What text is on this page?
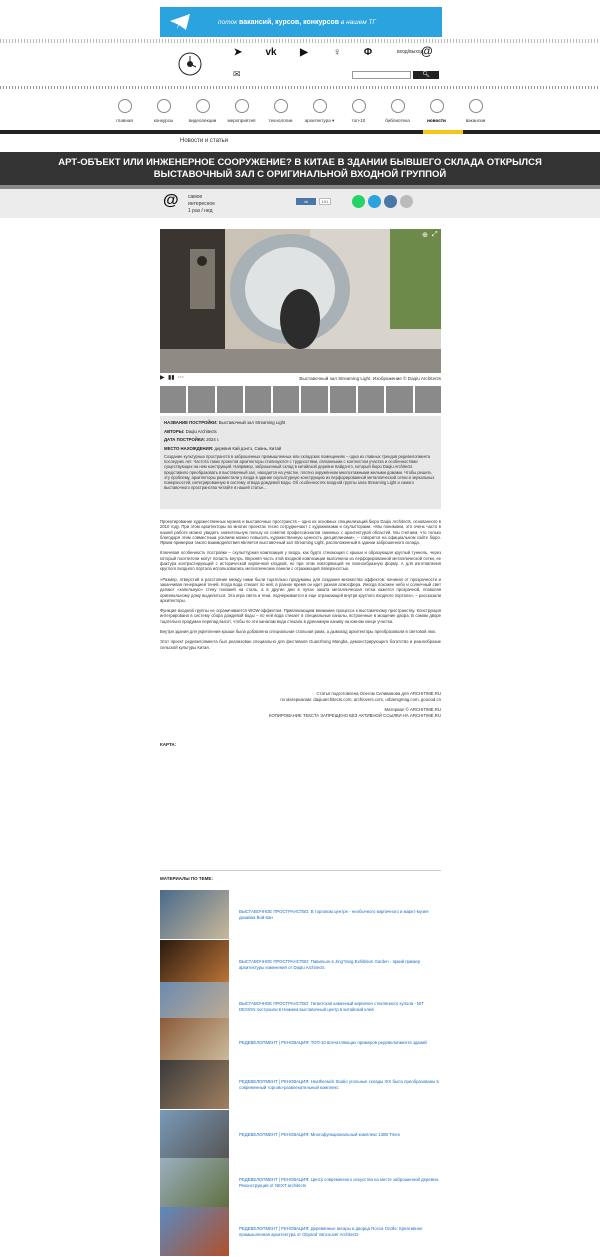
поток вакансий, курсов, конкурсов в нашем TГ
➤ vk ▶	♀ Φ	вход/выход
@
✉	🔍︎
главная	конкурсы	видеолекции	мероприятия	технологии	архитектура ▾	топ-10	библиотека	новости	вакансии
Новости и статьи
АРТ-ОБЪЕКТ ИЛИ ИНЖЕНЕРНОЕ СООРУЖЕНИЕ? В КИТАЕ В ЗДАНИИ БЫВШЕГО СКЛАДА ОТКРЫЛСЯ ВЫСТАВОЧНЫЙ ЗАЛ С ОРИГИНАЛЬНОЙ ВХОДНОЙ ГРУППОЙ
@ самое
интересное
1 раз / нед
vk	101
⊕ ⤢
▶ ▮▮ ⋯	Выставочный зал Streaming Light. Изображение © Daqiu Architects

НАЗВАНИЕ ПОСТРОЙКИ: Выставочный зал Streaming Light

АВТОРЫ: Daqiu Architects

ДАТА ПОСТРОЙКИ: 2024 г.

МЕСТО НАХОЖДЕНИЯ: деревня Кай дэнтэ, Сиань, Китай

Создание культурных пространств в заброшенных промышленных или складских помещениях – одна из главных трендов редевелопмента последних лет. Частота таких проектов архитекторы стилизуются с трудностями, связанными с контекстом участка и особенностями существующих на нем конструкций. Например, заброшенный склад в китайской деревне Кайдэнтэ, который бюро Daqiu Architects представило преобразовать в выставочный зал, находится на участке, плотно окружённом многоэтажными жилыми домами. Чтобы решить эту проблему, архитекторы разместили у входа в здание скульптурную конструкцию из перфорированной металлической сетки и зеркальных поверхностей, интегрированную в систему отвода дождевой воды. Об особенностях входной группы зала Streaming Light и самого выставочного пространства читайте в нашей статье...

Проектирование художественных музеев и выставочных пространств – одно из основных специализаций бюро Daqiu Architects, основанного в 2010 году. При этом архитекторы во многих проектах тесно сотрудничают с художниками и скульпторами. «Мы понимаем, это очень часто в нашей работе можно увидеть значительную пользу из советов профессионалов смежных с архитектурой областей. Мы считаем, что только благодаря этим совместным усилиям можно повысить художественную ценность дисциплинами», – говорится на официальном сайте бюро. Ярким примером такого взаимодействия является выставочный зал Streaming Light, расположенный в здании заброшенного склада.

Ключевая особенность постройки – скульптурная композиция у входа, как будто стекающая с крыши и образующая круглый туннель, через который посетители могут попасть внутрь. Верхняя часть этой входной композиции выполнена из перфорированной металлической сетки, ее фактура контрастирующей с исторической кирпичной кладкой, но при этом повторяющей ее волнообразную форму. А для изготовления круглого входного портала использовались металлические панели с отражающей поверхностью.

«Размер, отверстий и расстояние между ними были тщательно продуманы для создания множества эффектов: начиная от прозрачности и заканчивая генерацией теней. Когда вода стекает по ней, в разное время он идет разная атмосфера. Иногда похожее небо и солнечный свет делают «капельную» стену похожей на сталь, а в другие дни в лучах заката металлическая сетка кажется прозрачной, позволяя оригинальному дому выделиться. Эта игра света и тени, подчеркивается и еще отражающей внутри круглого входного портала», – рассказали архитекторы.

Функция входной группы не ограничивается WOW-эффектом. Привлекающим внимание процесса к выставочному пространству. Конструкция интегрирована в систему сбора дождевой воды – по ней вода стекает в специальные каналы, встроенные в мощение двора. В самом дворе тщательно продуман перепад высот, чтобы по эти каналам вода стекала в дренажную канаву на южном конце участка.

Внутри здания для укрепления крыши была добавлена специальная стальная рама, а дымоход архитекторы преобразовали в световой люк.

Этот проект редевелопмента был реализован специально для фестиваля Guanzhong Mangba, демонстрирующего богатство и разнообразие сельской культуры Китая.

Статья подготовлена Олегом Селиванова для ARCHITIME.RU
по материалам: daqiuarchitects.com, archiovers.com, urbansgmag.com, gooood.cn
Материал © ARCHITIME.RU
КОПИРОВАНИЕ ТЕКСТА ЗАПРЕЩЕНО БЕЗ АКТИВНОЙ ССЫЛКИ НА ARCHITIME.RU
КАРТА:
МАТЕРИАЛЫ ПО ТЕМЕ:
ВЫСТАВОЧНОЕ ПРОСТРАНСТВО: В торговом центре - необычного кирпичного и маркт-музея дизайна Вой Кан
ВЫСТАВОЧНОЕ ПРОСТРАНСТВО: Павильон в Jing'Yang Exhibition Garden - яркий пример архитектуры изменения от Daqiu Architects
ВЫСТАВОЧНОЕ ПРОСТРАНСТВО: Гигантская каменный кирпичен стеклянного купола - NIT DESIGN построили в Нижнем выставочный центр в китайский клей
РЕДЕВЕЛОПМЕНТ | РЕНОВАЦИЯ: ТОП-10 впечатляющих примеров редевелопмента зданий
РЕДЕВЕЛОПМЕНТ | РЕНОВАЦИЯ: Heatherwick Studio угольные склады XIX было преобразованы в современный торгово-развлекательный комплекс
РЕДЕВЕЛОПМЕНТ | РЕНОВАЦИЯ: Многофункциональный комплекс 1388 Trees
РЕДЕВЕЛОПМЕНТ | РЕНОВАЦИЯ: Центр современного искусства на месте заброшенной деревни. Реконструкция от NEXT architects
РЕДЕВЕЛОПМЕНТ | РЕНОВАЦИЯ: Деревянные ангары и дворца Rocca Ozolle: Креативное промышленная архитектура от Gbyand Vancouver Architects
